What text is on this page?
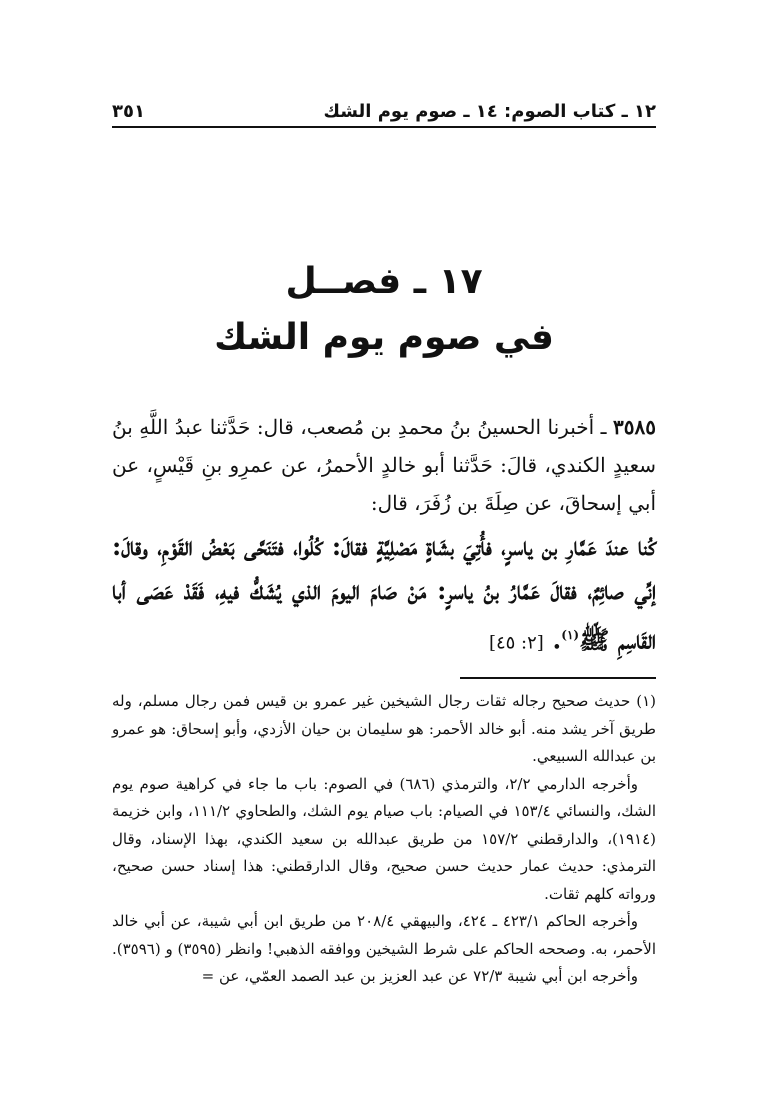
١٢ ـ كتاب الصوم: ١٤ ـ صوم يوم الشك
٣٥١
١٧ ـ فصــل
في صوم يوم الشك
٣٥٨٥ ـ أخبرنا الحسينُ بنُ محمدِ بن مُصعب، قال: حَدَّثنا عبدُ اللَّهِ بنُ سعيدٍ الكندي، قالَ: حَدَّثنا أبو خالدٍ الأحمرُ، عن عمرِو بنِ قَيْسٍ، عن أبي إسحاقَ، عن صِلَةَ بن زُفَرَ، قال:
كُنا عندَ عَمَّارِ بن ياسرٍ، فأُتِيَ بشَاةٍ مَصْلِيَّةٍ فقالَ: كُلُوا، فتَنَحَّى بَعْضُ القَوْمِ، وقالَ: إنِّي صائِمٌ، فقالَ عَمَّارُ بنُ ياسرٍ: مَنْ صَامَ اليومَ الذي يُشَكُّ فيهِ، فَقَدْ عَصَى أبا القَاسِمِ ﷺ$^{(١)}$. [٢: ٤٥]

(١) حديث صحيح رجاله ثقات رجال الشيخين غير عمرو بن قيس فمن رجال مسلم، وله طريق آخر يشد منه. أبو خالد الأحمر: هو سليمان بن حيان الأزدي، وأبو إسحاق: هو عمرو بن عبدالله السبيعي.

وأخرجه الدارمي ٢/٢، والترمذي (٦٨٦) في الصوم: باب ما جاء في كراهية صوم يوم الشك، والنسائي ١٥٣/٤ في الصيام: باب صيام يوم الشك، والطحاوي ١١١/٢، وابن خزيمة (١٩١٤)، والدارقطني ١٥٧/٢ من طريق عبدالله بن سعيد الكندي، بهذا الإسناد، وقال الترمذي: حديث عمار حديث حسن صحيح، وقال الدارقطني: هذا إسناد حسن صحيح، ورواته كلهم ثقات.

وأخرجه الحاكم ٤٢٣/١ ـ ٤٢٤، والبيهقي ٢٠٨/٤ من طريق ابن أبي شيبة، عن أبي خالد الأحمر، به. وصححه الحاكم على شرط الشيخين ووافقه الذهبي! وانظر (٣٥٩٥) و (٣٥٩٦).

وأخرجه ابن أبي شيبة ٧٢/٣ عن عبد العزيز بن عبد الصمد العمّي، عن =
